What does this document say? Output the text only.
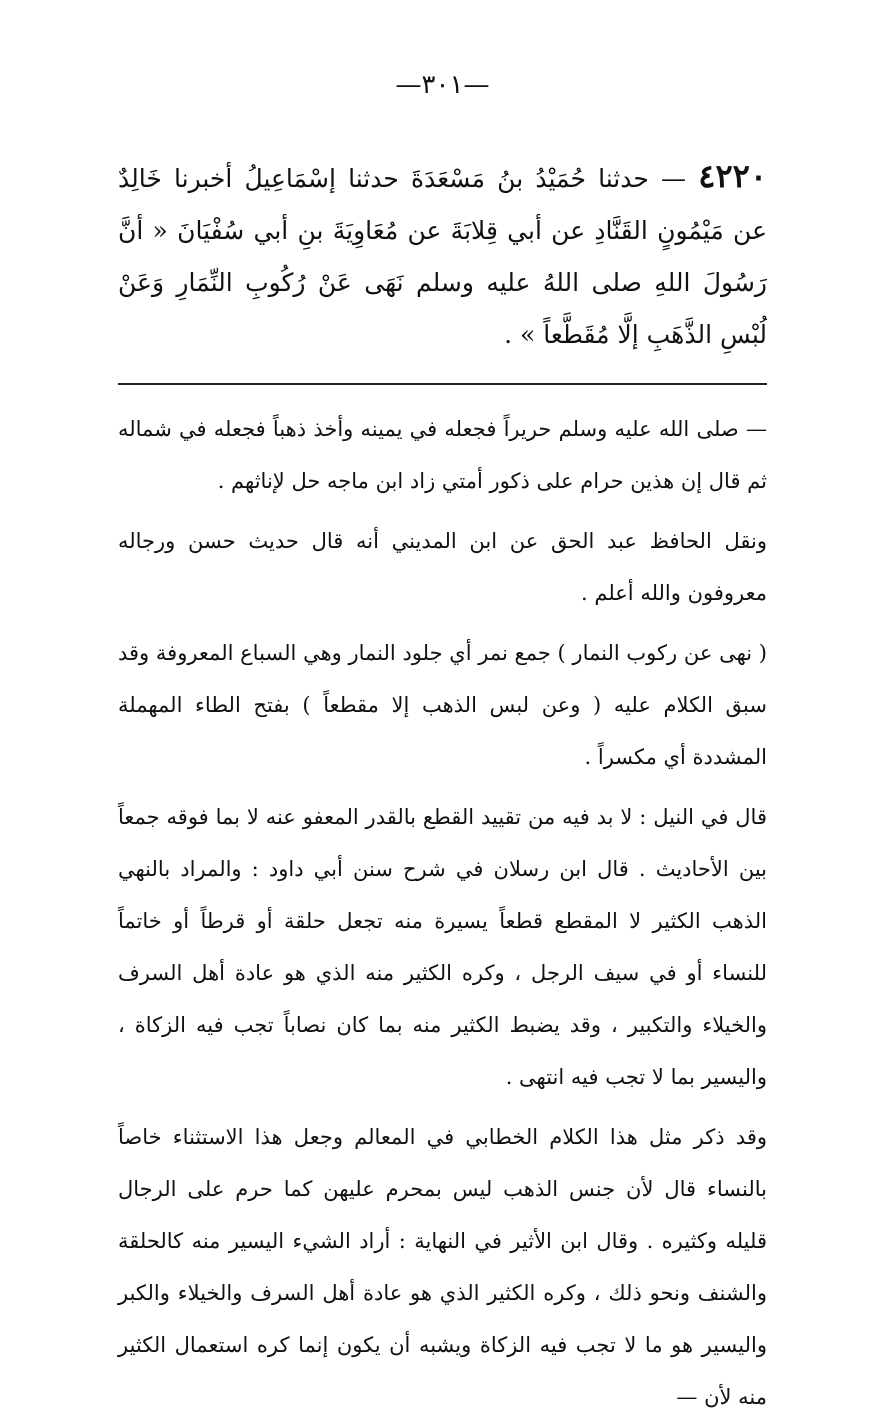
—٣٠١—

٤٢٢٠ — حدثنا حُمَيْدُ بنُ مَسْعَدَةَ حدثنا إسْمَاعِيلُ أخبرنا خَالِدٌ عن مَيْمُونٍ القَنَّادِ عن أبي قِلابَةَ عن مُعَاوِيَةَ بنِ أبي سُفْيَانَ « أنَّ رَسُولَ اللهِ صلى اللهُ عليه وسلم نَهَى عَنْ رُكُوبِ النِّمَارِ وَعَنْ لُبْسِ الذَّهَبِ إلَّا مُقَطَّعاً » .

— صلى الله عليه وسلم حريراً فجعله في يمينه وأخذ ذهباً فجعله في شماله ثم قال إن هذين حرام على ذكور أمتي زاد ابن ماجه حل لإناثهم .

ونقل الحافظ عبد الحق عن ابن المديني أنه قال حديث حسن ورجاله معروفون والله أعلم .

( نهى عن ركوب النمار ) جمع نمر أي جلود النمار وهي السباع المعروفة وقد سبق الكلام عليه ( وعن لبس الذهب إلا مقطعاً ) بفتح الطاء المهملة المشددة أي مكسراً .

قال في النيل : لا بد فيه من تقييد القطع بالقدر المعفو عنه لا بما فوقه جمعاً بين الأحاديث . قال ابن رسلان في شرح سنن أبي داود : والمراد بالنهي الذهب الكثير لا المقطع قطعاً يسيرة منه تجعل حلقة أو قرطاً أو خاتماً للنساء أو في سيف الرجل ، وكره الكثير منه الذي هو عادة أهل السرف والخيلاء والتكبير ، وقد يضبط الكثير منه بما كان نصاباً تجب فيه الزكاة ، واليسير بما لا تجب فيه انتهى .

وقد ذكر مثل هذا الكلام الخطابي في المعالم وجعل هذا الاستثناء خاصاً بالنساء قال لأن جنس الذهب ليس بمحرم عليهن كما حرم على الرجال قليله وكثيره . وقال ابن الأثير في النهاية : أراد الشيء اليسير منه كالحلقة والشنف ونحو ذلك ، وكره الكثير الذي هو عادة أهل السرف والخيلاء والكبر واليسير هو ما لا تجب فيه الزكاة ويشبه أن يكون إنما كره استعمال الكثير منه لأن —
